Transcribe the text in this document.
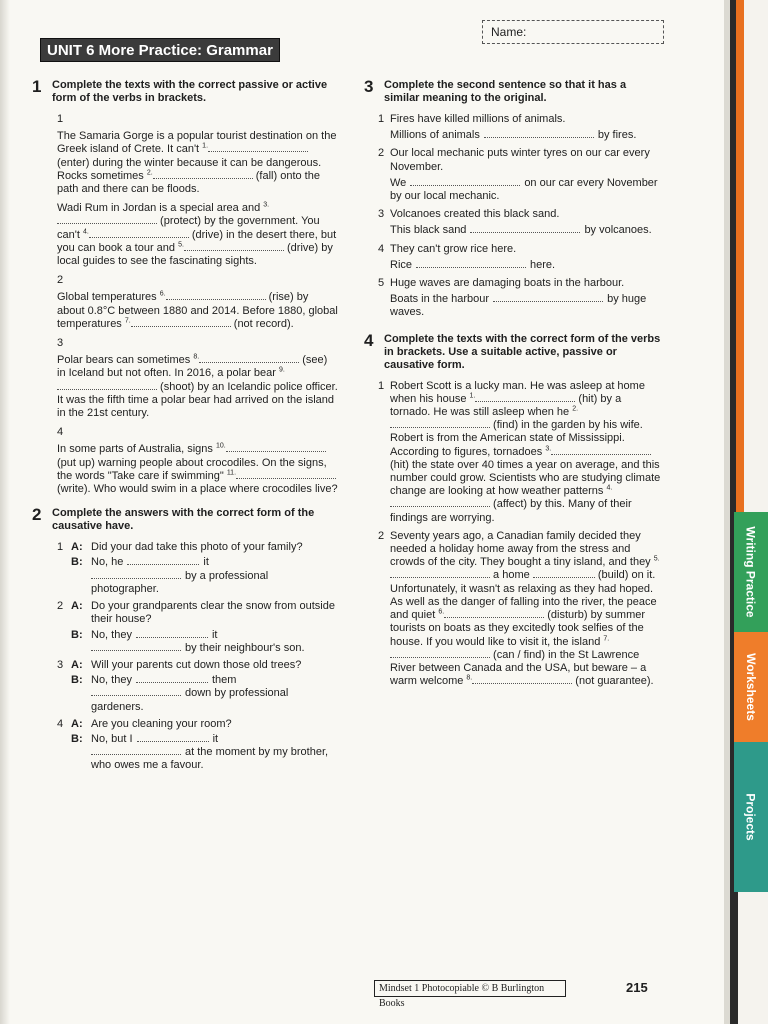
UNIT 6 More Practice: Grammar
Name:
1 Complete the texts with the correct passive or active form of the verbs in brackets.
1
The Samaria Gorge is a popular tourist destination on the Greek island of Crete. It can't $^{1.}$ (enter) during the winter because it can be dangerous. Rocks sometimes $^{2.}$	(fall) onto the path and there can be floods.
Wadi Rum in Jordan is a special area and $^{3.}$ (protect) by the government. You can't $^{4.}$	(drive) in the desert there, but you can book a tour and $^{5.}$	(drive) by local guides to see the fascinating sights.
2
Global temperatures $^{6.}$	(rise) by about 0.8°C between 1880 and 2014. Before 1880, global temperatures $^{7.}$	(not record).
3
Polar bears can sometimes $^{8.}$	(see) in Iceland but not often. In 2016, a polar bear $^{9.}$ (shoot) by an Icelandic police officer. It was the fifth time a polar bear had arrived on the island in the 21st century.
4
In some parts of Australia, signs $^{10.}$ (put up) warning people about crocodiles. On the signs, the words "Take care if swimming" $^{11.}$ (write). Who would swim in a place where crocodiles live?
2 Complete the answers with the correct form of the causative have.
1 A: Did your dad take this photo of your family?
B: No, he	it
by a professional photographer.
2 A: Do your grandparents clear the snow from outside their house?
B: No, they	it
by their neighbour's son.
3 A: Will your parents cut down those old trees?
B: No, they	them
down by professional gardeners.
4 A: Are you cleaning your room?
B: No, but I	it
at the moment by my brother, who owes me a favour.
3 Complete the second sentence so that it has a similar meaning to the original.
1 Fires have killed millions of animals.
Millions of animals	by fires.
2 Our local mechanic puts winter tyres on our car every November.
We	on our car every November by our local mechanic.
3 Volcanoes created this black sand.
This black sand	by volcanoes.
4 They can't grow rice here.
Rice	here.
5 Huge waves are damaging boats in the harbour.
Boats in the harbour	by huge waves.
4 Complete the texts with the correct form of the verbs in brackets. Use a suitable active, passive or causative form.
1 Robert Scott is a lucky man. He was asleep at home when his house $^{1.}$	(hit) by a tornado. He was still asleep when he $^{2.}$ (find) in the garden by his wife. Robert is from the American state of Mississippi. According to figures, tornadoes $^{3.}$ (hit) the state over 40 times a year on average, and this number could grow. Scientists who are studying climate change are looking at how weather patterns $^{4.}$ (affect) by this. Many of their findings are worrying.
2 Seventy years ago, a Canadian family decided they needed a holiday home away from the stress and crowds of the city. They bought a tiny island, and they $^{5.}$ a home	(build) on it. Unfortunately, it wasn't as relaxing as they had hoped. As well as the danger of falling into the river, the peace and quiet $^{6.}$	(disturb) by summer tourists on boats as they excitedly took selfies of the house. If you would like to visit it, the island $^{7.}$ (can / find) in the St Lawrence River between Canada and the USA, but beware – a warm welcome $^{8.}$	(not guarantee).
Mindset 1 Photocopiable © B Burlington Books
215
Writing Practice
Worksheets
Projects
